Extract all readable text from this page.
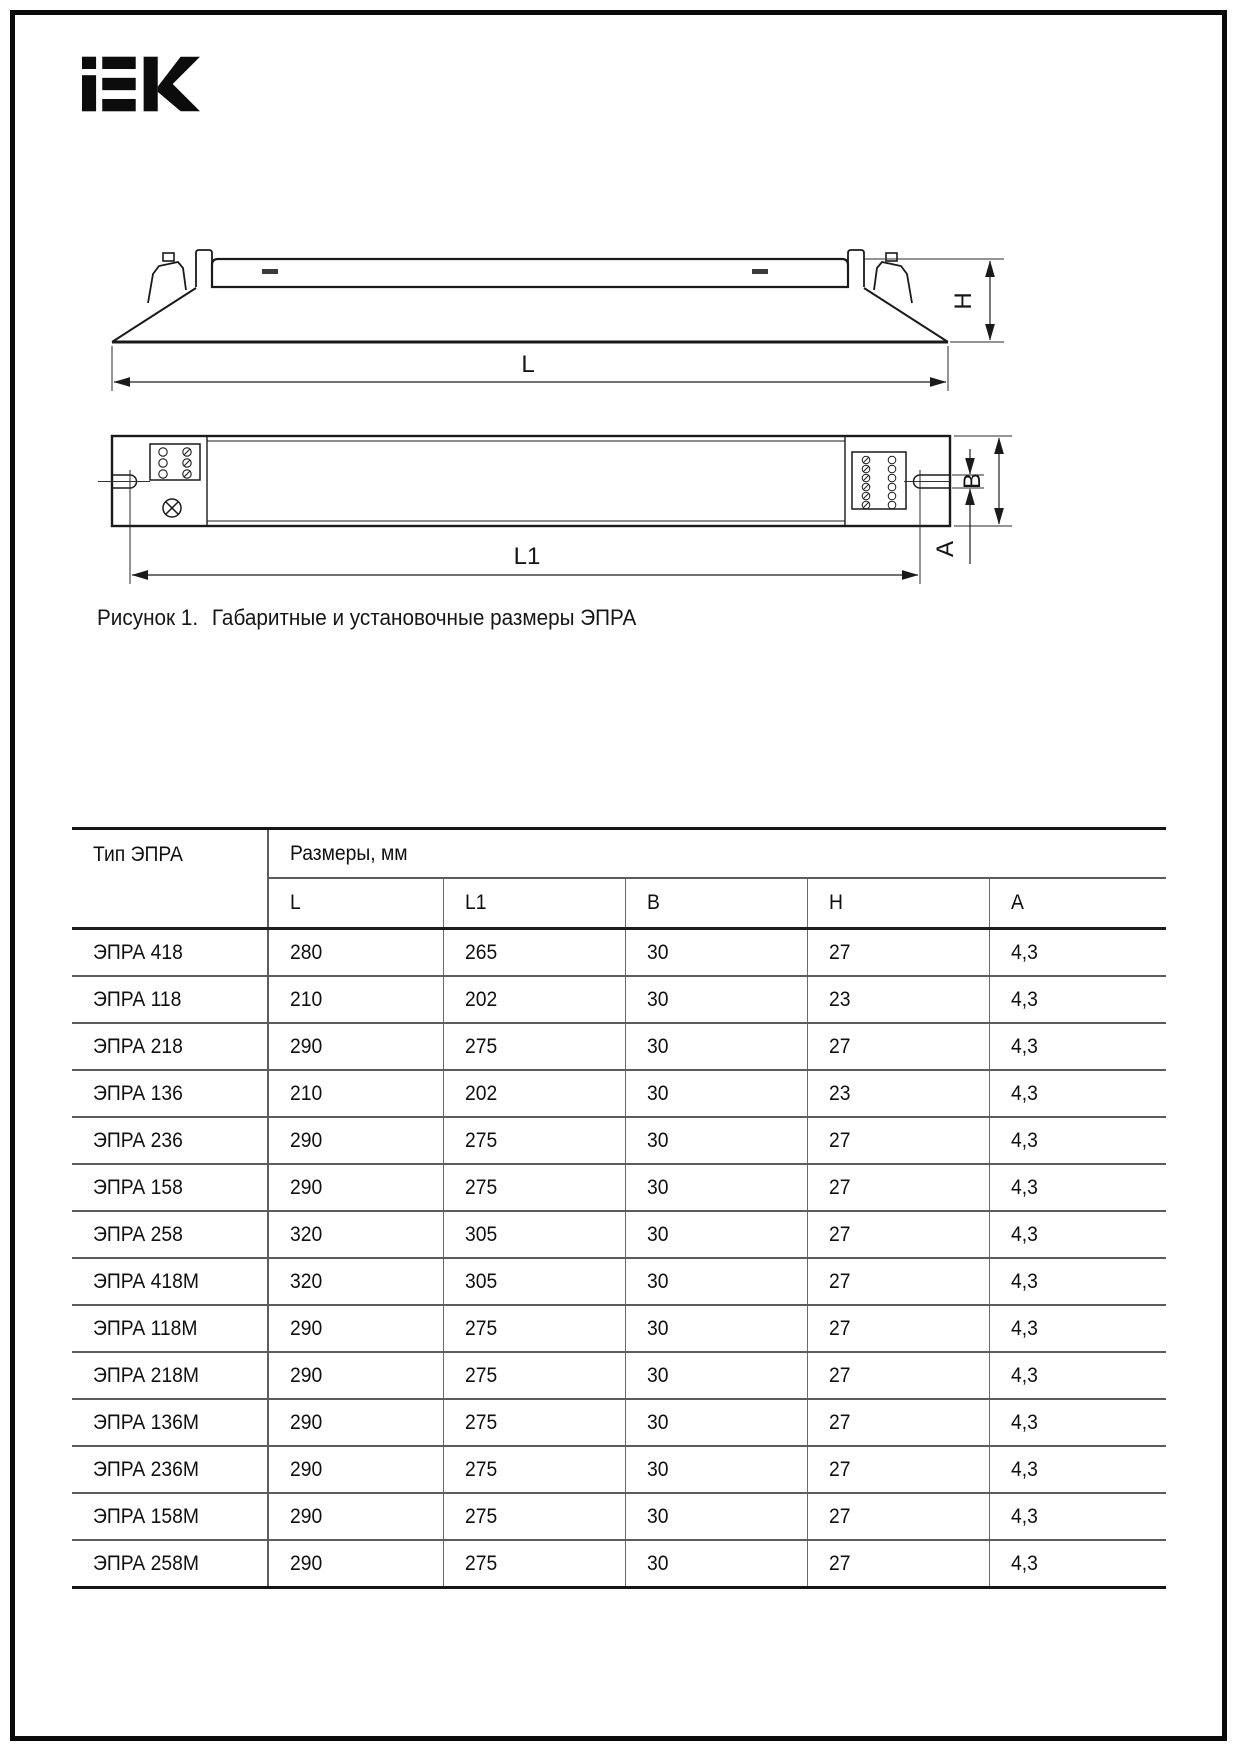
H
L
B
A
L1
Рисунок 1. Габаритные и установочные размеры ЭПРА
Тип ЭПРА	Размеры, мм				
	L	L1	B	H	A
ЭПРА 418	280	265	30	27	4,3
ЭПРА 118	210	202	30	23	4,3
ЭПРА 218	290	275	30	27	4,3
ЭПРА 136	210	202	30	23	4,3
ЭПРА 236	290	275	30	27	4,3
ЭПРА 158	290	275	30	27	4,3
ЭПРА 258	320	305	30	27	4,3
ЭПРА 418М	320	305	30	27	4,3
ЭПРА 118М	290	275	30	27	4,3
ЭПРА 218М	290	275	30	27	4,3
ЭПРА 136М	290	275	30	27	4,3
ЭПРА 236М	290	275	30	27	4,3
ЭПРА 158М	290	275	30	27	4,3
ЭПРА 258М	290	275	30	27	4,3
